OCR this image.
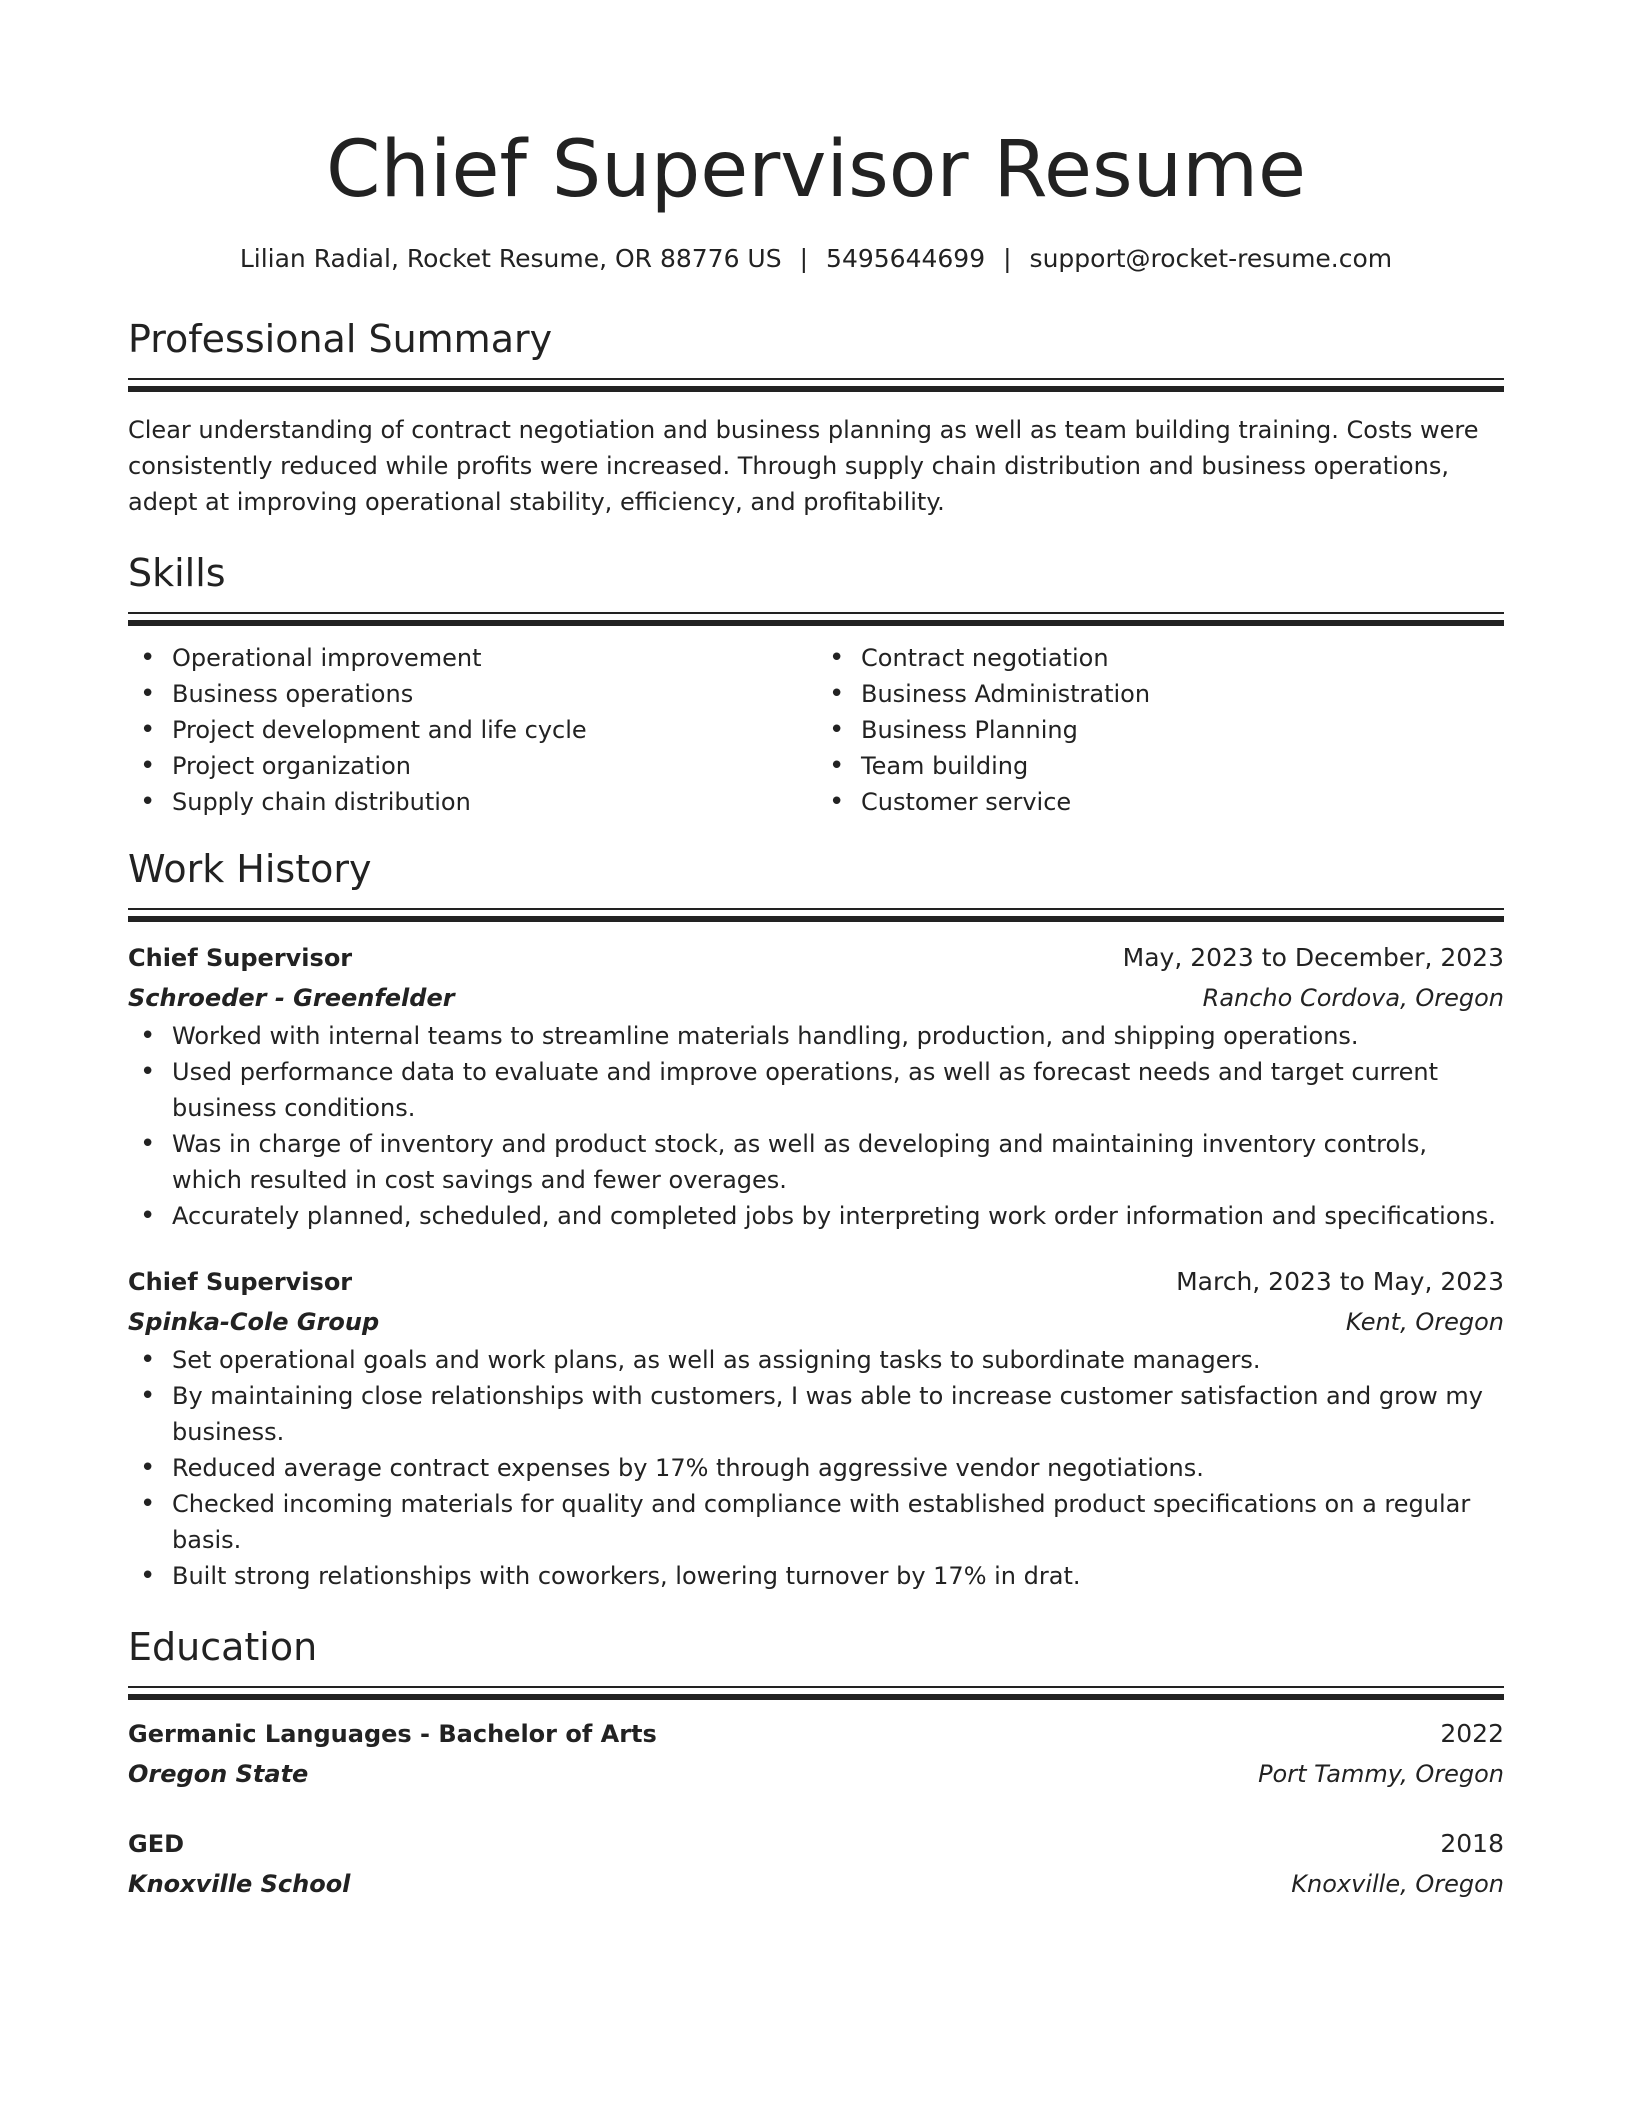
Chief Supervisor Resume
Lilian Radial, Rocket Resume, OR 88776 US | 5495644699 | support@rocket-resume.com
Professional Summary

Clear understanding of contract negotiation and business planning as well as team building training. Costs were consistently reduced while profits were increased. Through supply chain distribution and business operations, adept at improving operational stability, efficiency, and profitability.

Skills
• Operational improvement
• Business operations
• Project development and life cycle
• Project organization
• Supply chain distribution
• Contract negotiation
• Business Administration
• Business Planning
• Team building
• Customer service
Work History
Chief Supervisor	May, 2023 to December, 2023
Schroeder - Greenfelder	Rancho Cordova, Oregon
• Worked with internal teams to streamline materials handling, production, and shipping operations.
• Used performance data to evaluate and improve operations, as well as forecast needs and target current business conditions.
• Was in charge of inventory and product stock, as well as developing and maintaining inventory controls, which resulted in cost savings and fewer overages.
• Accurately planned, scheduled, and completed jobs by interpreting work order information and specifications.
Chief Supervisor	March, 2023 to May, 2023
Spinka-Cole Group	Kent, Oregon
• Set operational goals and work plans, as well as assigning tasks to subordinate managers.
• By maintaining close relationships with customers, I was able to increase customer satisfaction and grow my business.
• Reduced average contract expenses by 17% through aggressive vendor negotiations.
• Checked incoming materials for quality and compliance with established product specifications on a regular basis.
• Built strong relationships with coworkers, lowering turnover by 17% in drat.
Education
Germanic Languages - Bachelor of Arts	2022
Oregon State	Port Tammy, Oregon
GED	2018
Knoxville School	Knoxville, Oregon
